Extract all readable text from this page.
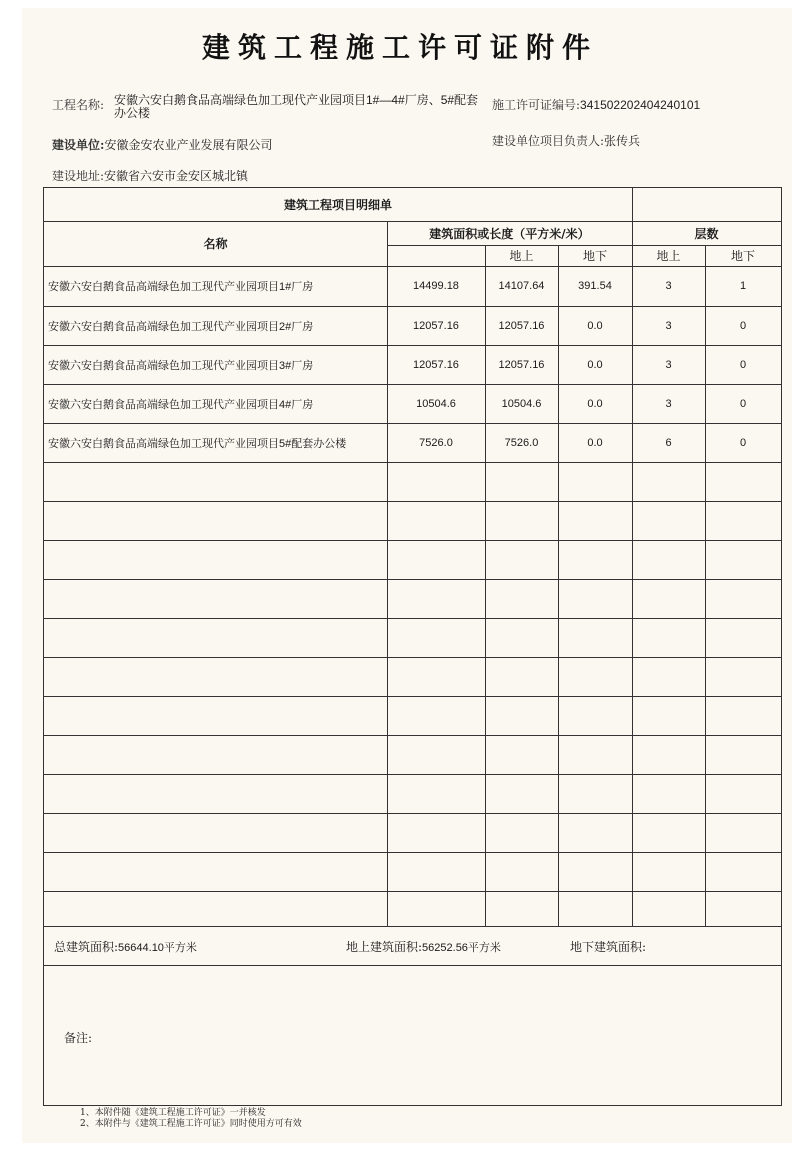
建筑工程施工许可证附件
工程名称: 安徽六安白鹅食品高端绿色加工现代产业园项目1#—4#厂房、5#配套办公楼
施工许可证编号:341502202404240101
建设单位:安徽金安农业产业发展有限公司	建设单位项目负责人:张传兵
建设地址:安徽省六安市金安区城北镇
建筑工程项目明细单
名称
建筑面积或长度（平方米/米）	层数
地上	地下	地上	地下
安徽六安白鹅食品高端绿色加工现代产业园项目1#厂房	14499.18	14107.64	391.54	3	1
安徽六安白鹅食品高端绿色加工现代产业园项目2#厂房	12057.16	12057.16	0.0	3	0
安徽六安白鹅食品高端绿色加工现代产业园项目3#厂房	12057.16	12057.16	0.0	3	0
安徽六安白鹅食品高端绿色加工现代产业园项目4#厂房	10504.6	10504.6	0.0	3	0
安徽六安白鹅食品高端绿色加工现代产业园项目5#配套办公楼	7526.0	7526.0	0.0	6	0
总建筑面积:56644.10平方米	地上建筑面积:56252.56平方米	地下建筑面积:
备注:
1、本附件随《建筑工程施工许可证》一并核发
2、本附件与《建筑工程施工许可证》同时使用方可有效
